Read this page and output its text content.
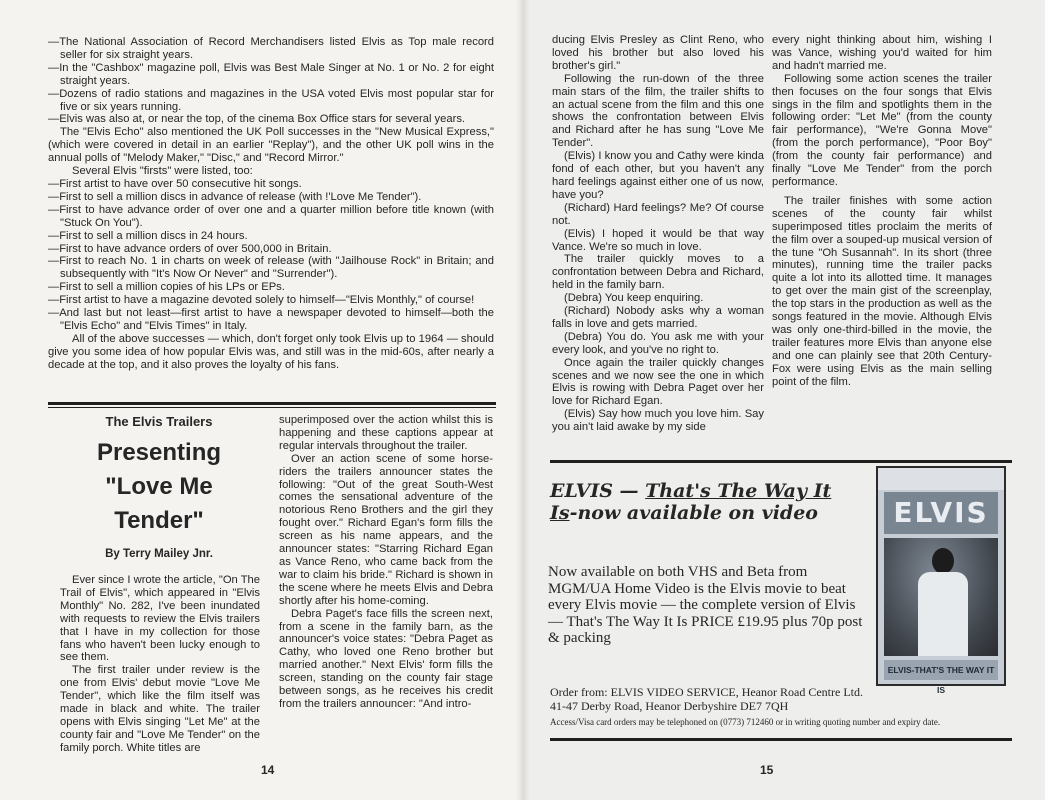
—The National Association of Record Merchandisers listed Elvis as Top male record seller for six straight years.

—In the "Cashbox" magazine poll, Elvis was Best Male Singer at No. 1 or No. 2 for eight straight years.

—Dozens of radio stations and magazines in the USA voted Elvis most popular star for five or six years running.

—Elvis was also at, or near the top, of the cinema Box Office stars for several years.

The "Elvis Echo" also mentioned the UK Poll successes in the "New Musical Express,"(which were covered in detail in an earlier "Replay"), and the other UK poll wins in the annual polls of "Melody Maker," "Disc," and "Record Mirror."

Several Elvis "firsts" were listed, too:

—First artist to have over 50 consecutive hit songs.

—First to sell a million discs in advance of release (with !'Love Me Tender").

—First to have advance order of over one and a quarter million before title known (with "Stuck On You").

—First to sell a million discs in 24 hours.

—First to have advance orders of over 500,000 in Britain.

—First to reach No. 1 in charts on week of release (with "Jailhouse Rock" in Britain; and subsequently with "It's Now Or Never" and "Surrender").

—First to sell a million copies of his LPs or EPs.

—First artist to have a magazine devoted solely to himself—"Elvis Monthly," of course!

—And last but not least—first artist to have a newspaper devoted to himself—both the "Elvis Echo" and "Elvis Times" in Italy.

All of the above successes — which, don't forget only took Elvis up to 1964 — should give you some idea of how popular Elvis was, and still was in the mid-60s, after nearly a decade at the top, and it also proves the loyalty of his fans.

The Elvis Trailers
Presenting "Love Me Tender"
By Terry Mailey Jnr.

Ever since I wrote the article, "On The Trail of Elvis", which appeared in "Elvis Monthly" No. 282, I've been inundated with requests to review the Elvis trailers that I have in my collection for those fans who haven't been lucky enough to see them.

The first trailer under review is the one from Elvis' debut movie "Love Me Tender", which like the film itself was made in black and white. The trailer opens with Elvis singing "Let Me" at the county fair and "Love Me Tender" on the family porch. White titles are

superimposed over the action whilst this is happening and these captions appear at regular intervals throughout the trailer.

Over an action scene of some horse-riders the trailers announcer states the following: "Out of the great South-West comes the sensational adventure of the notorious Reno Brothers and the girl they fought over." Richard Egan's form fills the screen as his name appears, and the announcer states: "Starring Richard Egan as Vance Reno, who came back from the war to claim his bride." Richard is shown in the scene where he meets Elvis and Debra shortly after his home-coming.

Debra Paget's face fills the screen next, from a scene in the family barn, as the announcer's voice states: "Debra Paget as Cathy, who loved one Reno brother but married another." Next Elvis' form fills the screen, standing on the county fair stage between songs, as he receives his credit from the trailers announcer: "And intro-

14

ducing Elvis Presley as Clint Reno, who loved his brother but also loved his brother's girl."

Following the run-down of the three main stars of the film, the trailer shifts to an actual scene from the film and this one shows the confrontation between Elvis and Richard after he has sung "Love Me Tender".

(Elvis) I know you and Cathy were kinda fond of each other, but you haven't any hard feelings against either one of us now, have you?

(Richard) Hard feelings? Me? Of course not.

(Elvis) I hoped it would be that way Vance. We're so much in love.

The trailer quickly moves to a confrontation between Debra and Richard, held in the family barn.

(Debra) You keep enquiring.

(Richard) Nobody asks why a woman falls in love and gets married.

(Debra) You do. You ask me with your every look, and you've no right to.

Once again the trailer quickly changes scenes and we now see the one in which Elvis is rowing with Debra Paget over her love for Richard Egan.

(Elvis) Say how much you love him. Say you ain't laid awake by my side

every night thinking about him, wishing I was Vance, wishing you'd waited for him and hadn't married me.

Following some action scenes the trailer then focuses on the four songs that Elvis sings in the film and spotlights them in the following order: "Let Me" (from the county fair performance), "We're Gonna Move" (from the porch performance), "Poor Boy" (from the county fair performance) and finally "Love Me Tender" from the porch performance.

The trailer finishes with some action scenes of the county fair whilst superimposed titles proclaim the merits of the film over a souped-up musical version of the tune "Oh Susannah". In its short (three minutes), running time the trailer packs quite a lot into its allotted time. It manages to get over the main gist of the screenplay, the top stars in the production as well as the songs featured in the movie. Although Elvis was only one-third-billed in the movie, the trailer features more Elvis than anyone else and one can plainly see that 20th Century-Fox were using Elvis as the main selling point of the film.

ELVIS — That's The Way It Is-now available on video
Now available on both VHS and Beta from MGM/UA Home Video is the Elvis movie to beat every Elvis movie — the complete version of Elvis — That's The Way It Is PRICE £19.95 plus 70p post & packing
ELVIS
ELVIS-THAT'S THE WAY IT IS
Order from: ELVIS VIDEO SERVICE, Heanor Road Centre Ltd.
41-47 Derby Road, Heanor Derbyshire DE7 7QH
Access/Visa card orders may be telephoned on (0773) 712460 or in writing quoting number and expiry date.
15
